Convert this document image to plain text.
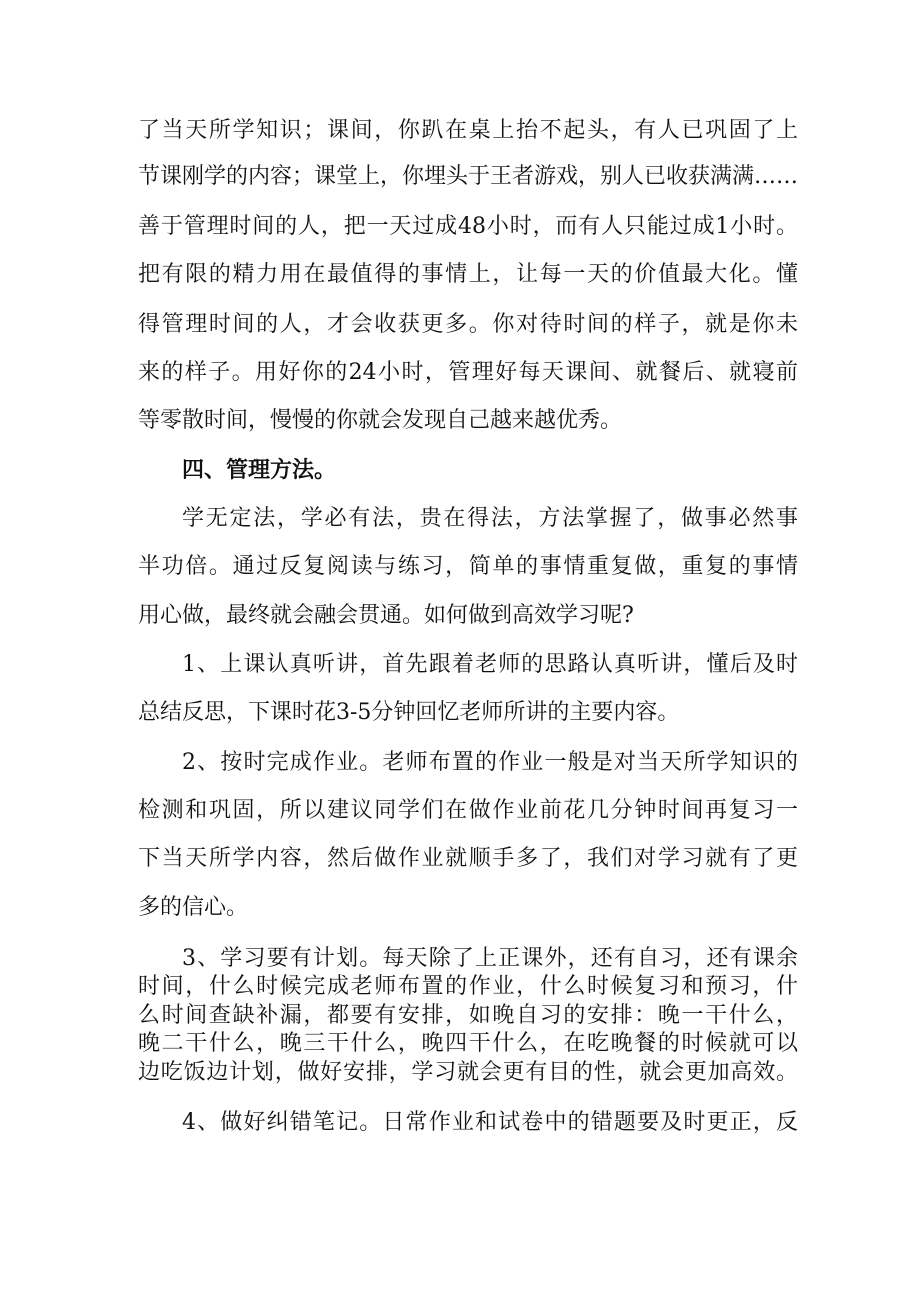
了当天所学知识；课间，你趴在桌上抬不起头，有人已巩固了上
节课刚学的内容；课堂上，你埋头于王者游戏，别人已收获满满……
善于管理时间的人，把一天过成48小时，而有人只能过成1小时。
把有限的精力用在最值得的事情上，让每一天的价值最大化。懂
得管理时间的人，才会收获更多。你对待时间的样子，就是你未
来的样子。用好你的24小时，管理好每天课间、就餐后、就寝前
等零散时间，慢慢的你就会发现自己越来越优秀。
四、管理方法。
学无定法，学必有法，贵在得法，方法掌握了，做事必然事
半功倍。通过反复阅读与练习，简单的事情重复做，重复的事情
用心做，最终就会融会贯通。如何做到高效学习呢?
1、上课认真听讲，首先跟着老师的思路认真听讲，懂后及时
总结反思，下课时花3-5分钟回忆老师所讲的主要内容。
2、按时完成作业。老师布置的作业一般是对当天所学知识的
检测和巩固，所以建议同学们在做作业前花几分钟时间再复习一
下当天所学内容，然后做作业就顺手多了，我们对学习就有了更
多的信心。
3、学习要有计划。每天除了上正课外，还有自习，还有课余
时间，什么时候完成老师布置的作业，什么时候复习和预习，什
么时间查缺补漏，都要有安排，如晚自习的安排：晚一干什么，
晚二干什么，晚三干什么，晚四干什么，在吃晚餐的时候就可以
边吃饭边计划，做好安排，学习就会更有目的性，就会更加高效。
4、做好纠错笔记。日常作业和试卷中的错题要及时更正，反
